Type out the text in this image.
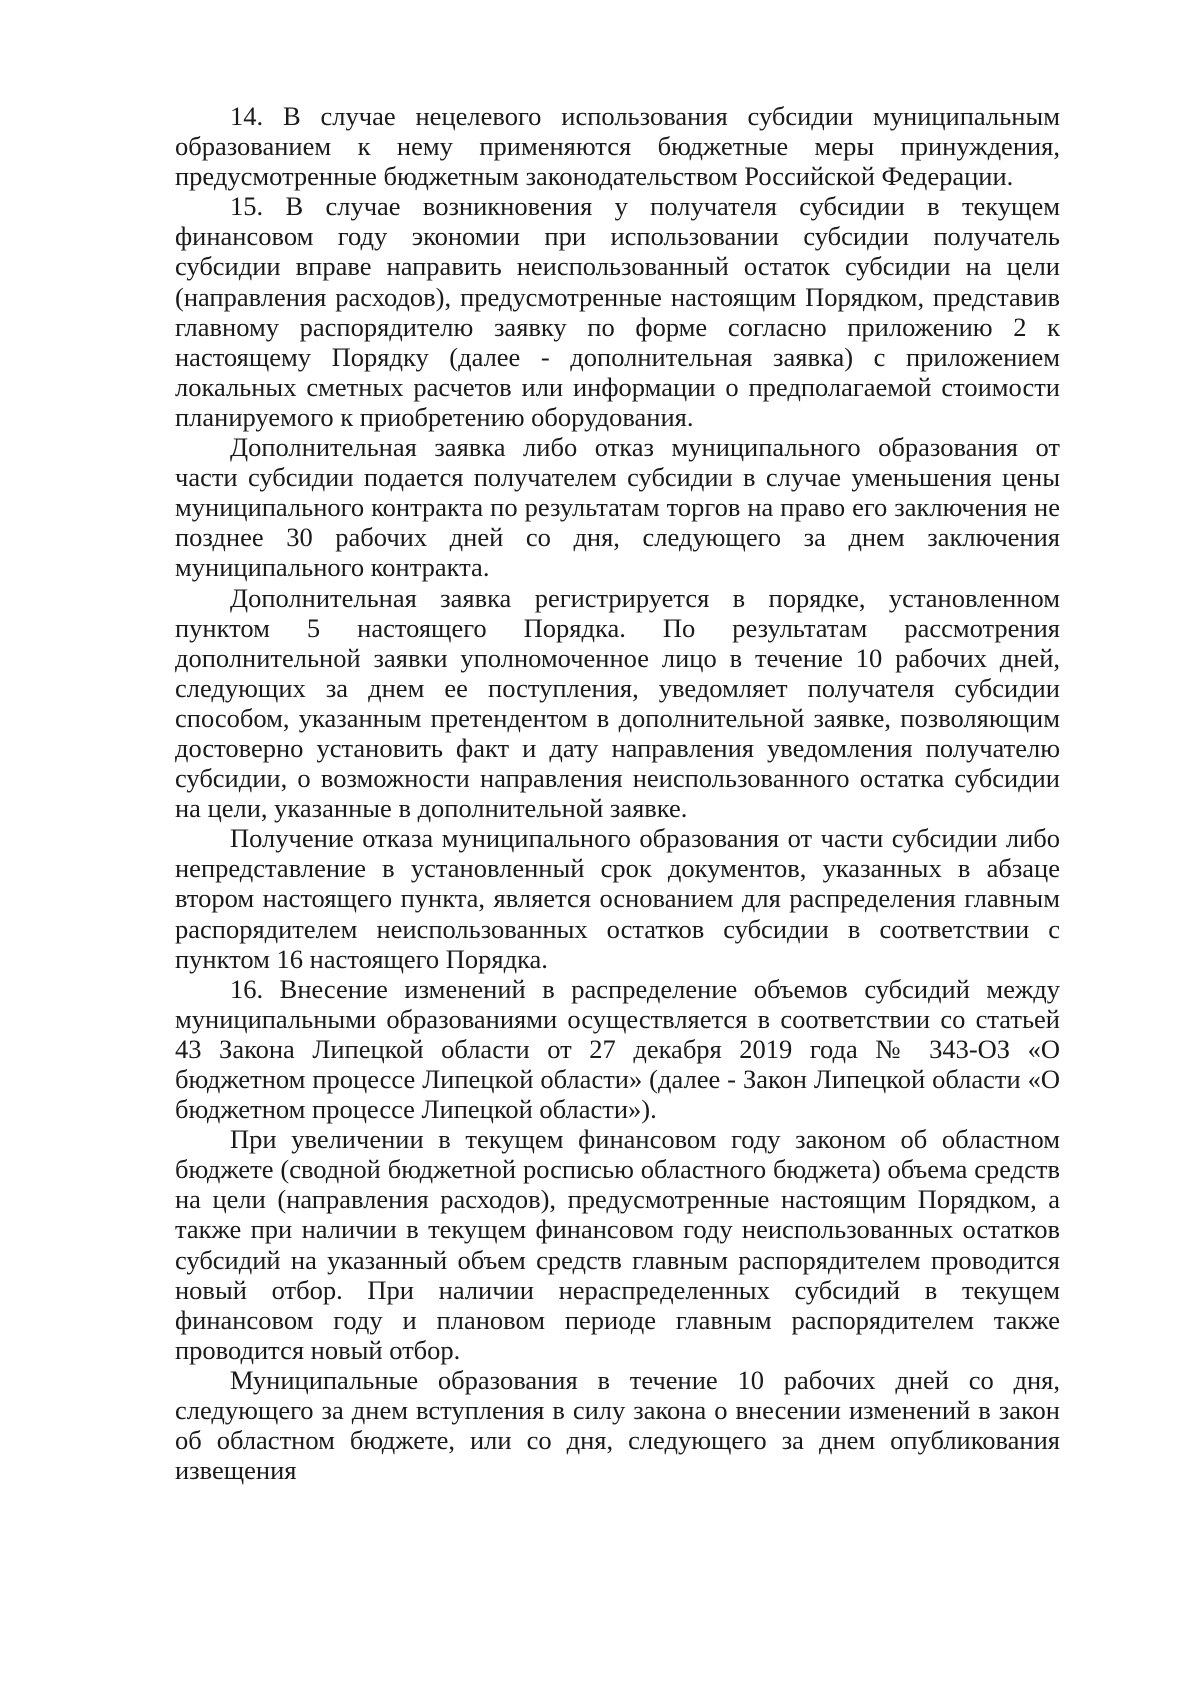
14. В случае нецелевого использования субсидии муниципальным образованием к нему применяются бюджетные меры принуждения, предусмотренные бюджетным законодательством Российской Федерации.

15. В случае возникновения у получателя субсидии в текущем финансовом году экономии при использовании субсидии получатель субсидии вправе направить неиспользованный остаток субсидии на цели (направления расходов), предусмотренные настоящим Порядком, представив главному распорядителю заявку по форме согласно приложению 2 к настоящему Порядку (далее - дополнительная заявка) с приложением локальных сметных расчетов или информации о предполагаемой стоимости планируемого к приобретению оборудования.

Дополнительная заявка либо отказ муниципального образования от части субсидии подается получателем субсидии в случае уменьшения цены муниципального контракта по результатам торгов на право его заключения не позднее 30 рабочих дней со дня, следующего за днем заключения муниципального контракта.

Дополнительная заявка регистрируется в порядке, установленном пунктом 5 настоящего Порядка. По результатам рассмотрения дополнительной заявки уполномоченное лицо в течение 10 рабочих дней, следующих за днем ее поступления, уведомляет получателя субсидии способом, указанным претендентом в дополнительной заявке, позволяющим достоверно установить факт и дату направления уведомления получателю субсидии, о возможности направления неиспользованного остатка субсидии на цели, указанные в дополнительной заявке.

Получение отказа муниципального образования от части субсидии либо непредставление в установленный срок документов, указанных в абзаце втором настоящего пункта, является основанием для распределения главным распорядителем неиспользованных остатков субсидии в соответствии с пунктом 16 настоящего Порядка.

16. Внесение изменений в распределение объемов субсидий между муниципальными образованиями осуществляется в соответствии со статьей 43 Закона Липецкой области от 27 декабря 2019 года № 343-ОЗ «О бюджетном процессе Липецкой области» (далее - Закон Липецкой области «О бюджетном процессе Липецкой области»).

При увеличении в текущем финансовом году законом об областном бюджете (сводной бюджетной росписью областного бюджета) объема средств на цели (направления расходов), предусмотренные настоящим Порядком, а также при наличии в текущем финансовом году неиспользованных остатков субсидий на указанный объем средств главным распорядителем проводится новый отбор. При наличии нераспределенных субсидий в текущем финансовом году и плановом периоде главным распорядителем также проводится новый отбор.

Муниципальные образования в течение 10 рабочих дней со дня, следующего за днем вступления в силу закона о внесении изменений в закон об областном бюджете, или со дня, следующего за днем опубликования извещения
